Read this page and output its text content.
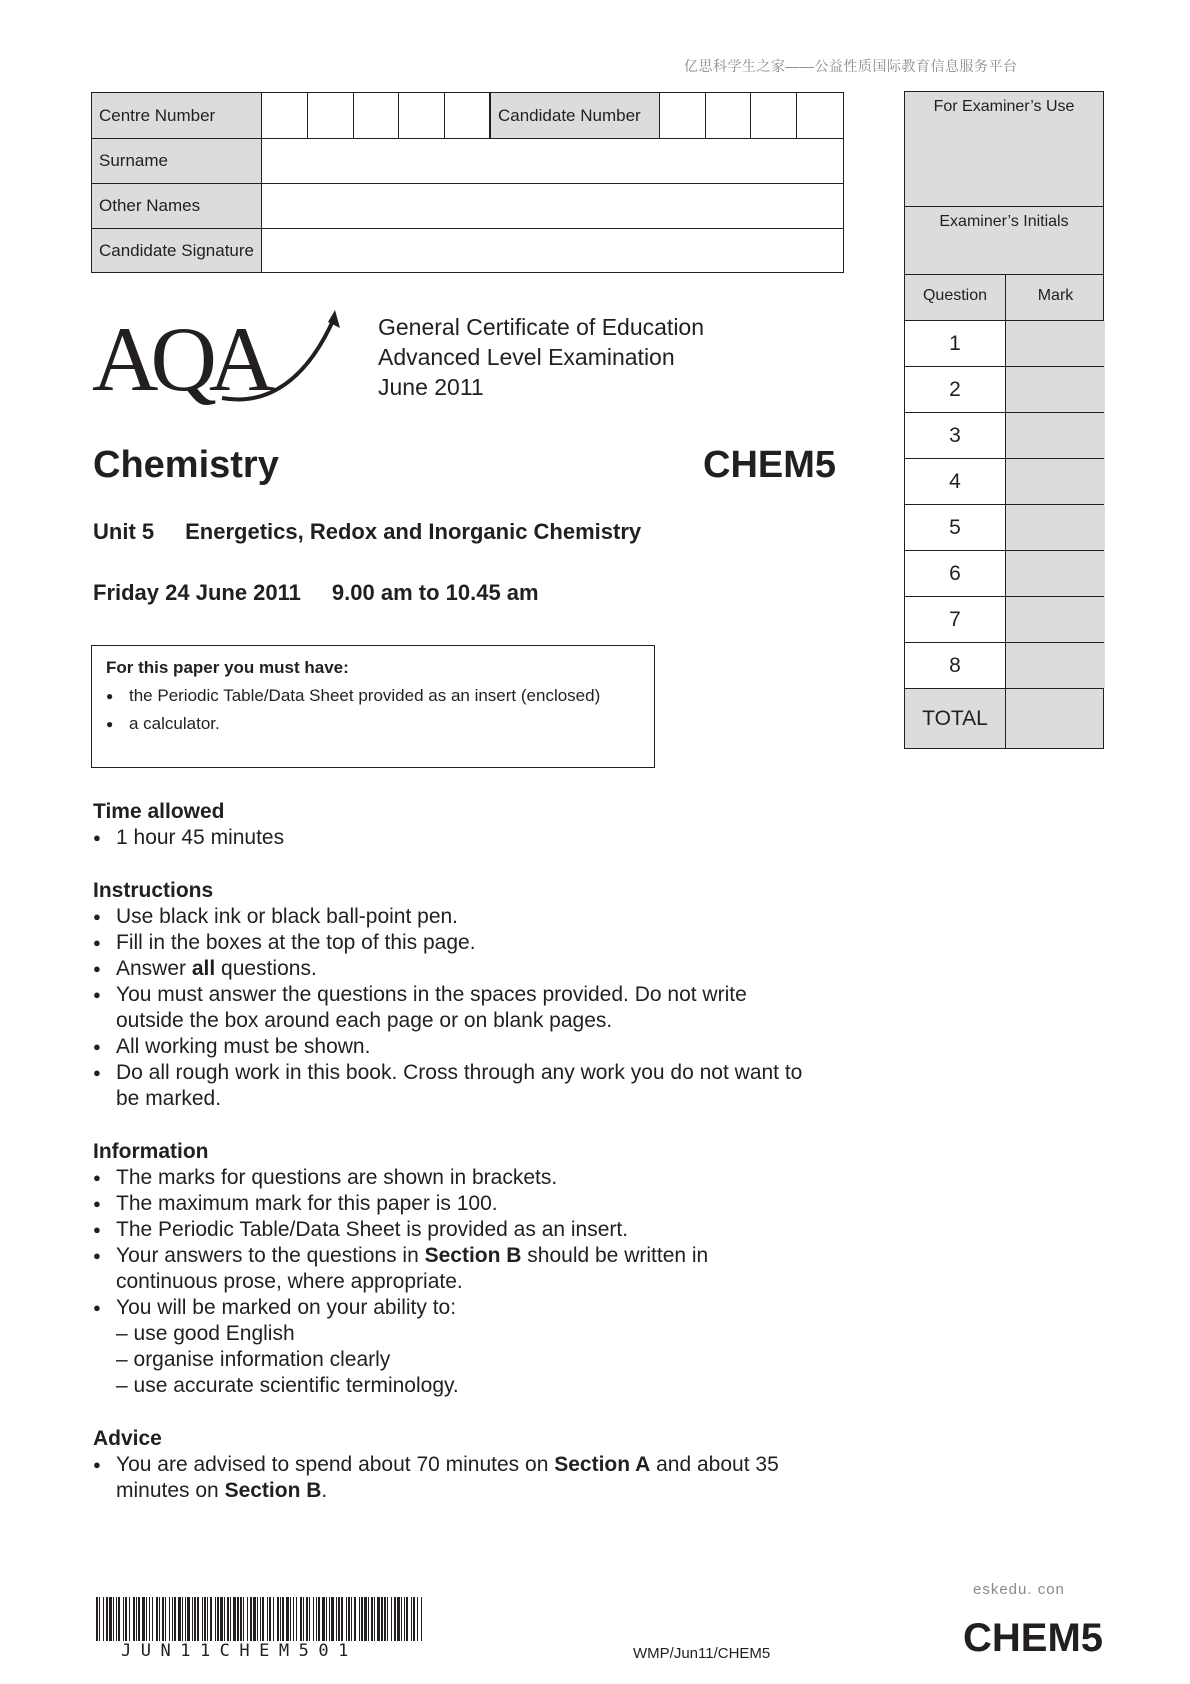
亿思科学生之家——公益性质国际教育信息服务平台
Centre Number	Candidate Number
Surname
Other Names
Candidate Signature
For Examiner’s Use
Examiner’s Initials
Question	Mark
1
2
3
4
5
6
7
8
TOTAL
AQA	General Certificate of Education
Advanced Level Examination
June 2011
Chemistry	CHEM5
Unit 5 Energetics, Redox and Inorganic Chemistry
Friday 24 June 2011 9.00 am to 10.45 am
For this paper you must have:
● the Periodic Table/Data Sheet provided as an insert (enclosed)
● a calculator.
Time allowed
● 1 hour 45 minutes
Instructions
● Use black ink or black ball-point pen.
● Fill in the boxes at the top of this page.
● Answer all questions.
● You must answer the questions in the spaces provided. Do not write outside the box around each page or on blank pages.
● All working must be shown.
● Do all rough work in this book. Cross through any work you do not want to be marked.
Information
● The marks for questions are shown in brackets.
● The maximum mark for this paper is 100.
● The Periodic Table/Data Sheet is provided as an insert.
● Your answers to the questions in Section B should be written in continuous prose, where appropriate.
● You will be marked on your ability to:
– use good English
– organise information clearly
– use accurate scientific terminology.
Advice
● You are advised to spend about 70 minutes on Section A and about 35 minutes on Section B.
JUN11CHEM501	WMP/Jun11/CHEM5
eskedu. con
CHEM5
